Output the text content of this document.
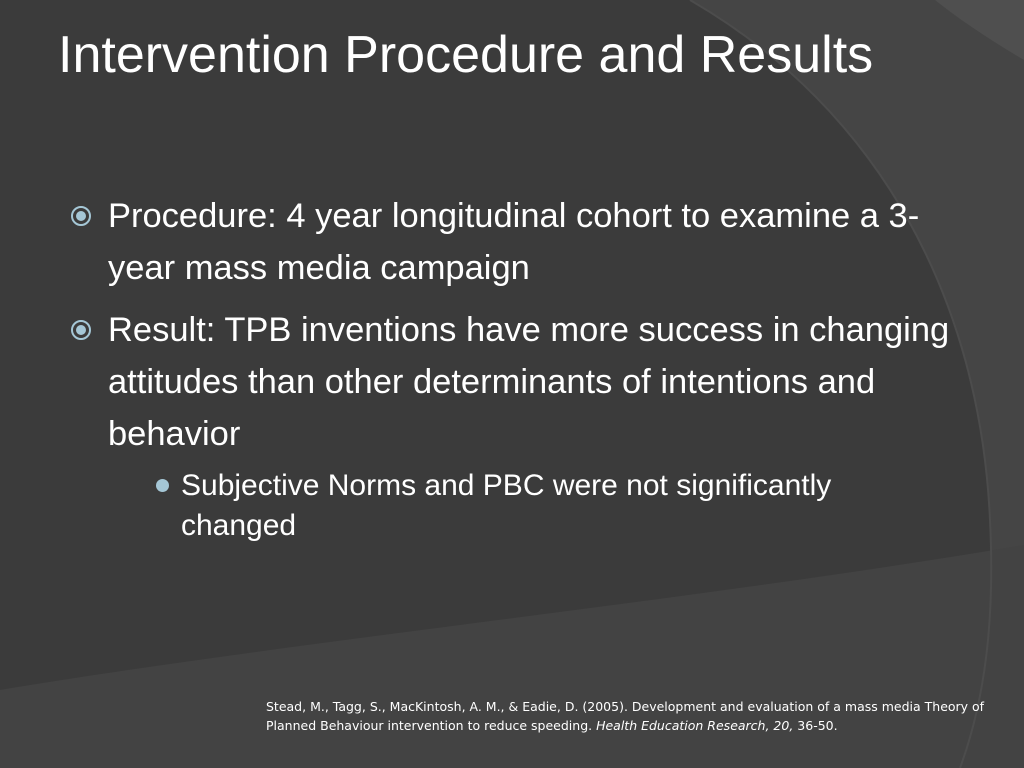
Intervention Procedure and Results
Procedure: 4 year longitudinal cohort to examine a 3-year mass media campaign
Result: TPB inventions have more success in changing attitudes than other determinants of intentions and behavior
Subjective Norms and PBC were not significantly changed
Stead, M., Tagg, S., MacKintosh, A. M., & Eadie, D. (2005). Development and evaluation of a mass media Theory of Planned Behaviour intervention to reduce speeding. Health Education Research, 20, 36-50.
